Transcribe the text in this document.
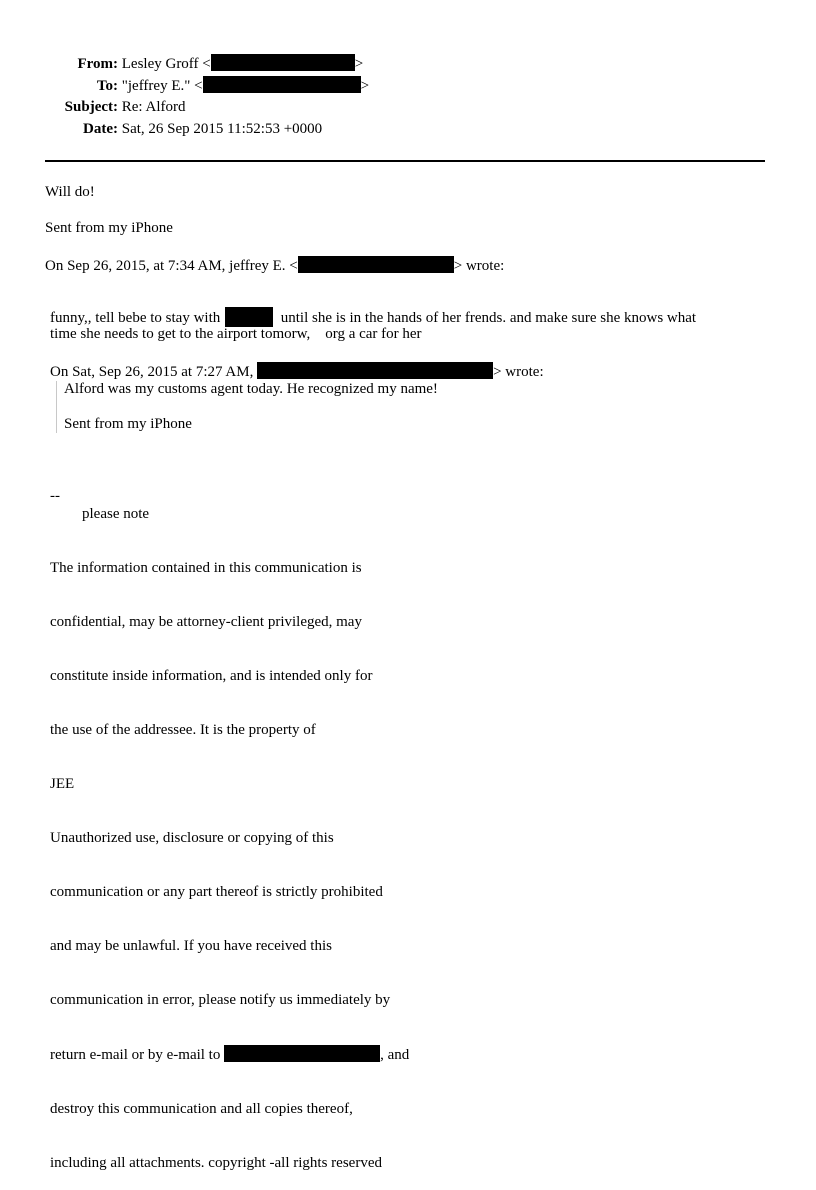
From: Lesley Groff <	>
To: "jeffrey E." <	>
Subject: Re: Alford
Date: Sat, 26 Sep 2015 11:52:53 +0000
Will do!
Sent from my iPhone
On Sep 26, 2015, at 7:34 AM, jeffrey E. <	> wrote:
funny,, tell bebe to stay with	until she is in the hands of her frends. and make sure she knows what
time she needs to get to the airport tomorw,    org a car for her
On Sat, Sep 26, 2015 at 7:27 AM,	> wrote:
Alford was my customs agent today. He recognized my name!
Sent from my iPhone
--
please note

The information contained in this communication is

confidential, may be attorney-client privileged, may

constitute inside information, and is intended only for

the use of the addressee. It is the property of

JEE

Unauthorized use, disclosure or copying of this

communication or any part thereof is strictly prohibited

and may be unlawful. If you have received this

communication in error, please notify us immediately by

return e-mail or by e-mail to	, and

destroy this communication and all copies thereof,

including all attachments. copyright -all rights reserved
